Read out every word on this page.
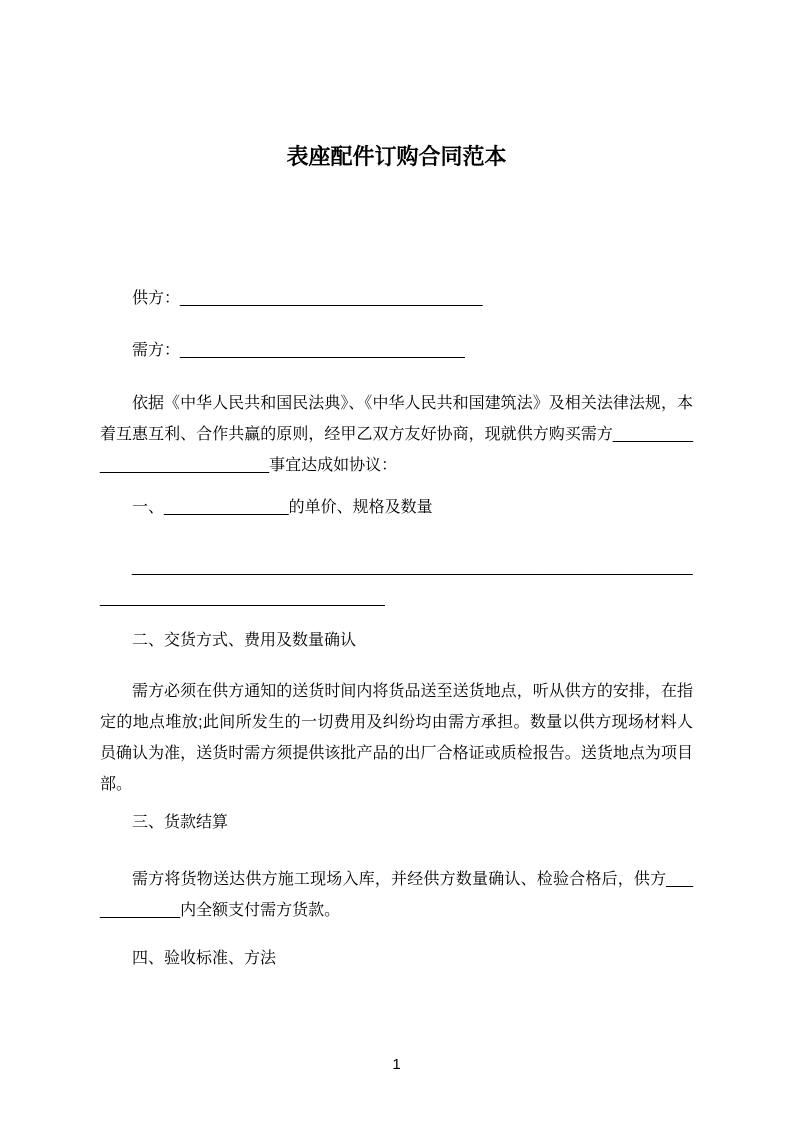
表座配件订购合同范本

供方：__________________________________

需方：________________________________

依据《中华人民共和国民法典》、《中华人民共和国建筑法》及相关法律法规，本着互惠互利、合作共赢的原则，经甲乙双方友好协商，现就供方购买需方____________________________事宜达成如协议：

一、______________的单价、规格及数量

_______________________________________________________________________________________________

二、交货方式、费用及数量确认

需方必须在供方通知的送货时间内将货品送至送货地点，听从供方的安排，在指定的地点堆放;此间所发生的一切费用及纠纷均由需方承担。数量以供方现场材料人员确认为准，送货时需方须提供该批产品的出厂合格证或质检报告。送货地点为项目部。

三、货款结算

需方将货物送达供方施工现场入库，并经供方数量确认、检验合格后，供方____________内全额支付需方货款。

四、验收标准、方法

1
